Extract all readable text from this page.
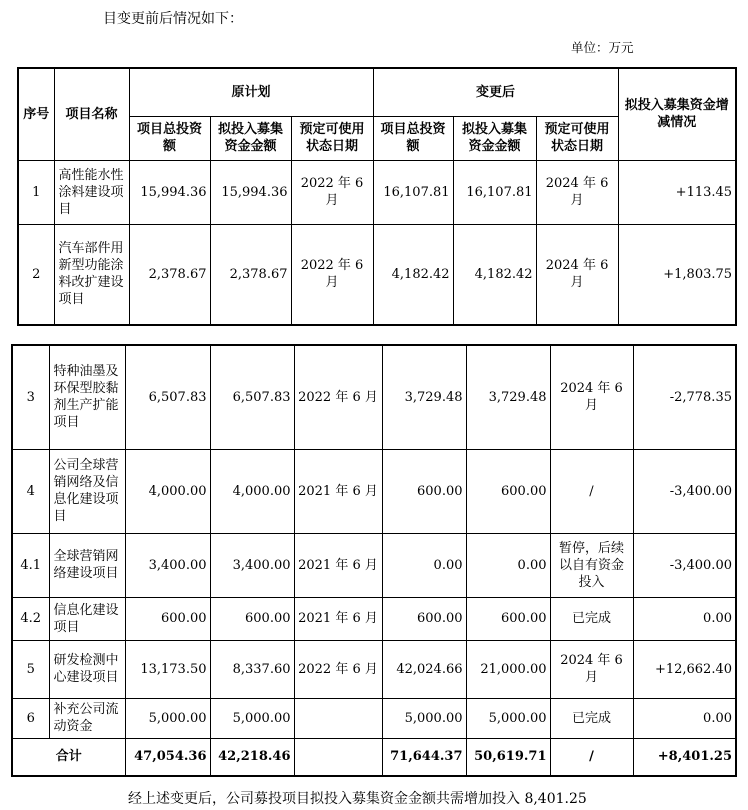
目变更前后情况如下：
单位：万元
序号	项目名称	原计划			变更后			拟投入募集资金增减情况
		项目总投资额	拟投入募集资金金额	预定可使用状态日期	项目总投资额	拟投入募集资金金额	预定可使用状态日期	
1	高性能水性涂料建设项目	15,994.36	15,994.36	2022 年 6 月	16,107.81	16,107.81	2024 年 6 月	+113.45
2	汽车部件用新型功能涂料改扩建设项目	2,378.67	2,378.67	2022 年 6 月	4,182.42	4,182.42	2024 年 6 月	+1,803.75
3	特种油墨及环保型胶黏剂生产扩能项目	6,507.83	6,507.83	2022 年 6 月	3,729.48	3,729.48	2024 年 6 月	-2,778.35
4	公司全球营销网络及信息化建设项目	4,000.00	4,000.00	2021 年 6 月	600.00	600.00	/	-3,400.00
4.1	全球营销网络建设项目	3,400.00	3,400.00	2021 年 6 月	0.00	0.00	暂停，后续以自有资金投入	-3,400.00
4.2	信息化建设项目	600.00	600.00	2021 年 6 月	600.00	600.00	已完成	0.00
5	研发检测中心建设项目	13,173.50	8,337.60	2022 年 6 月	42,024.66	21,000.00	2024 年 6 月	+12,662.40
6	补充公司流动资金	5,000.00	5,000.00		5,000.00	5,000.00	已完成	0.00
合计		47,054.36	42,218.46		71,644.37	50,619.71	/	+8,401.25
经上述变更后，公司募投项目拟投入募集资金金额共需增加投入 8,401.25
